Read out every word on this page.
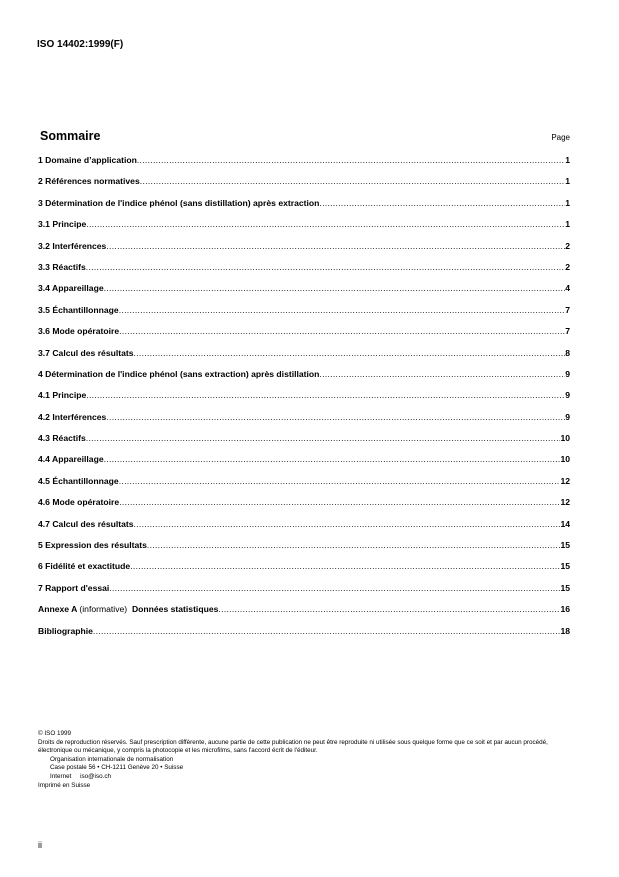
ISO 14402:1999(F)
Sommaire	Page
1 Domaine d’application .....	1
2 Références normatives .....	1
3 Détermination de l'indice phénol (sans distillation) après extraction .....	1
3.1 Principe .....	1
3.2 Interférences .....	2
3.3 Réactifs .....	2
3.4 Appareillage .....	4
3.5 Échantillonnage .....	7
3.6 Mode opératoire .....	7
3.7 Calcul des résultats .....	8
4 Détermination de l'indice phénol (sans extraction) après distillation .....	9
4.1 Principe .....	9
4.2 Interférences .....	9
4.3 Réactifs .....	10
4.4 Appareillage .....	10
4.5 Échantillonnage .....	12
4.6 Mode opératoire .....	12
4.7 Calcul des résultats .....	14
5 Expression des résultats .....	15
6 Fidélité et exactitude .....	15
7 Rapport d'essai .....	15
Annexe A (informative) Données statistiques .....	16
Bibliographie .....	18

© ISO 1999

Droits de reproduction réservés. Sauf prescription différente, aucune partie de cette publication ne peut être reproduite ni utilisée sous quelque forme que ce soit et par aucun procédé, électronique ou mécanique, y compris la photocopie et les microfilms, sans l'accord écrit de l'éditeur.

Organisation internationale de normalisation

Case postale 56 • CH-1211 Genève 20 • Suisse

Internet iso@iso.ch

Imprimé en Suisse

ii
